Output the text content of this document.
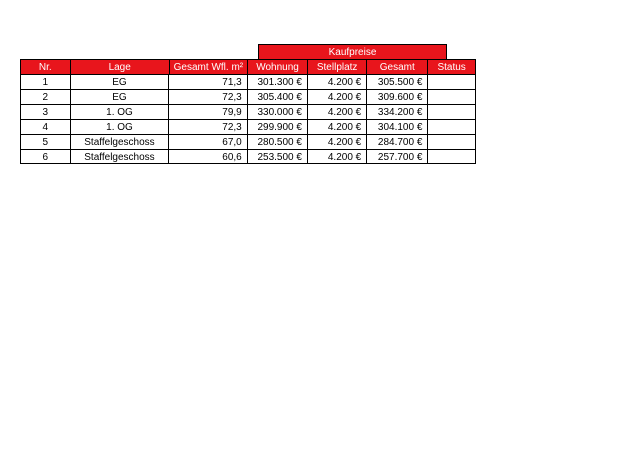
Kaufpreise
Nr.	Lage	Gesamt Wfl. m²	Wohnung	Stellplatz	Gesamt	Status
1	EG	71,3	301.300 €	4.200 €	305.500 €
2	EG	72,3	305.400 €	4.200 €	309.600 €
3	1. OG	79,9	330.000 €	4.200 €	334.200 €
4	1. OG	72,3	299.900 €	4.200 €	304.100 €
5	Staffelgeschoss	67,0	280.500 €	4.200 €	284.700 €
6	Staffelgeschoss	60,6	253.500 €	4.200 €	257.700 €
